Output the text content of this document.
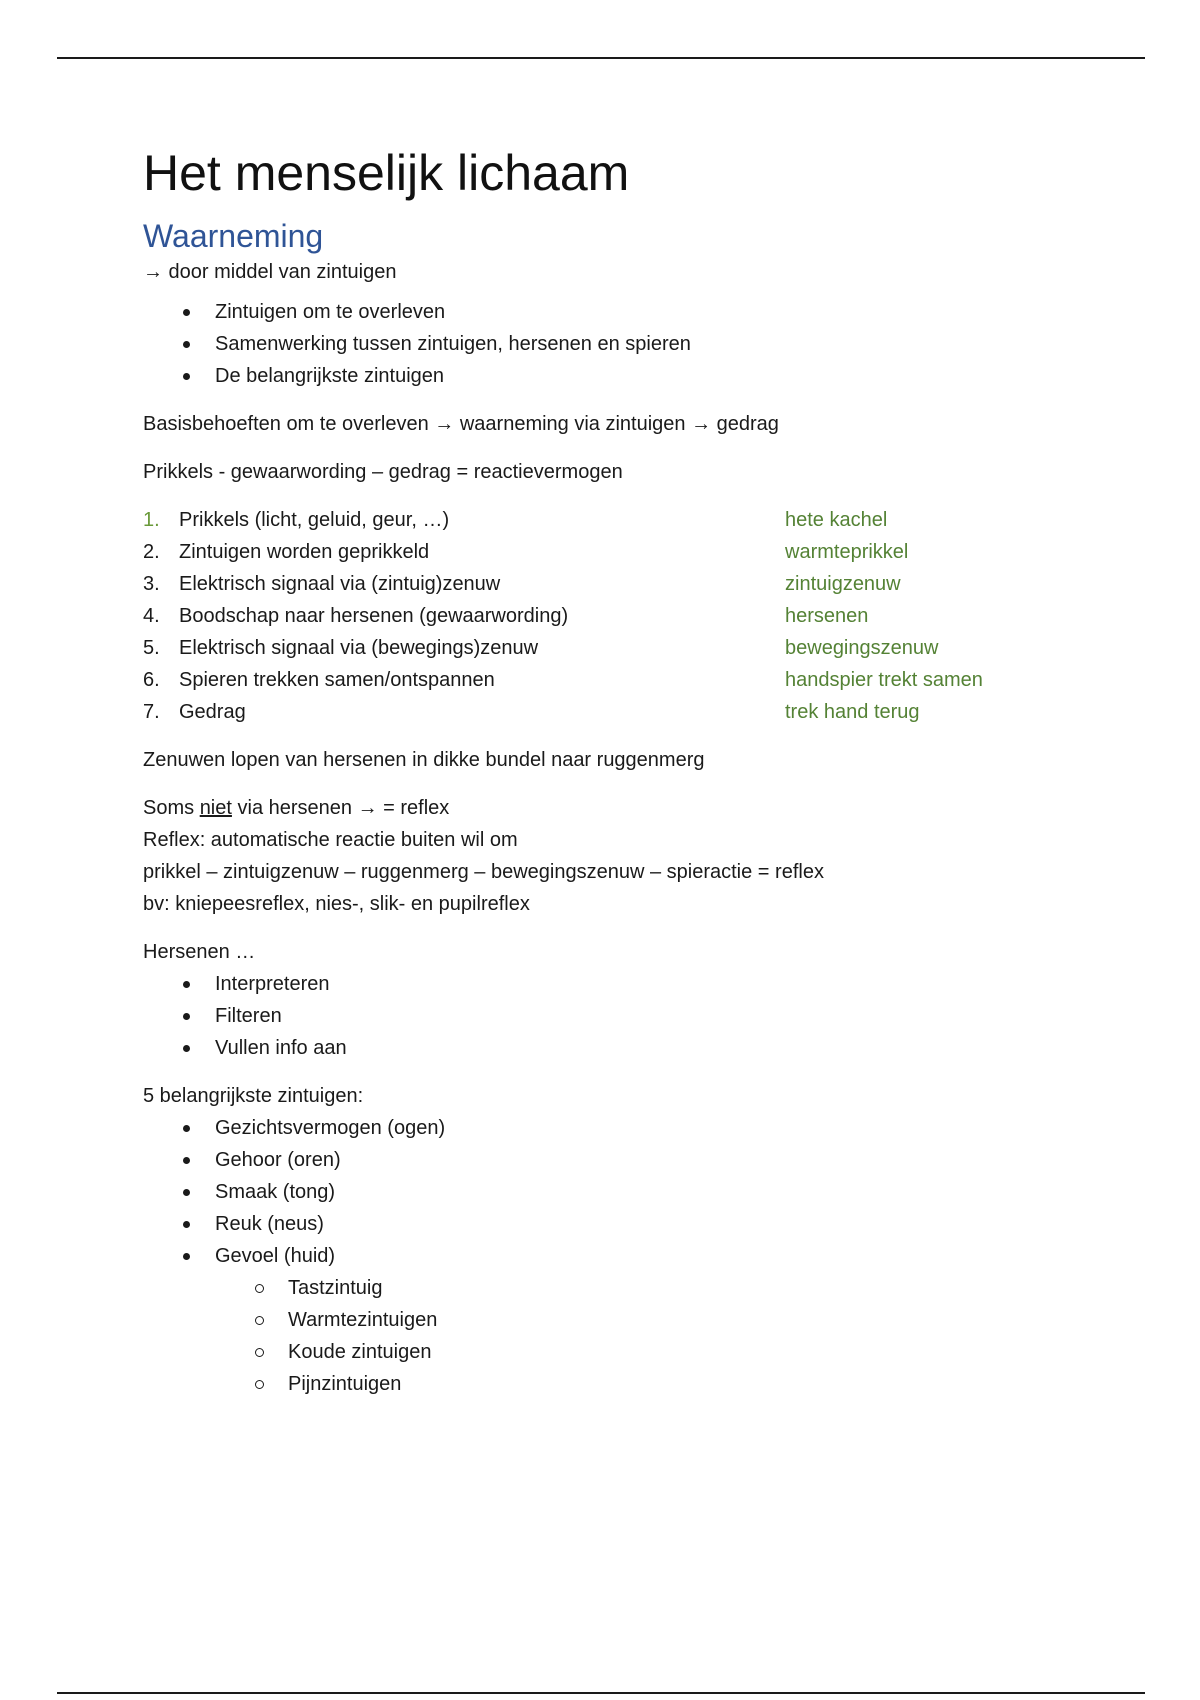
Het menselijk lichaam
Waarneming

→ door middel van zintuigen

Zintuigen om te overleven
Samenwerking tussen zintuigen, hersenen en spieren
De belangrijkste zintuigen

Basisbehoeften om te overleven → waarneming via zintuigen → gedrag

Prikkels - gewaarwording – gedrag = reactievermogen

1. Prikkels (licht, geluid, geur, …)	hete kachel
2. Zintuigen worden geprikkeld	warmteprikkel
3. Elektrisch signaal via (zintuig)zenuw	zintuigzenuw
4. Boodschap naar hersenen (gewaarwording)	hersenen
5. Elektrisch signaal via (bewegings)zenuw	bewegingszenuw
6. Spieren trekken samen/ontspannen	handspier trekt samen
7. Gedrag	trek hand terug

Zenuwen lopen van hersenen in dikke bundel naar ruggenmerg

Soms niet via hersenen → = reflex

Reflex: automatische reactie buiten wil om

prikkel – zintuigzenuw – ruggenmerg – bewegingszenuw – spieractie = reflex

bv: kniepeesreflex, nies-, slik- en pupilreflex

Hersenen …

Interpreteren
Filteren
Vullen info aan

5 belangrijkste zintuigen:

Gezichtsvermogen (ogen)
Gehoor (oren)
Smaak (tong)
Reuk (neus)
Gevoel (huid)
Tastzintuig
Warmtezintuigen
Koude zintuigen
Pijnzintuigen
